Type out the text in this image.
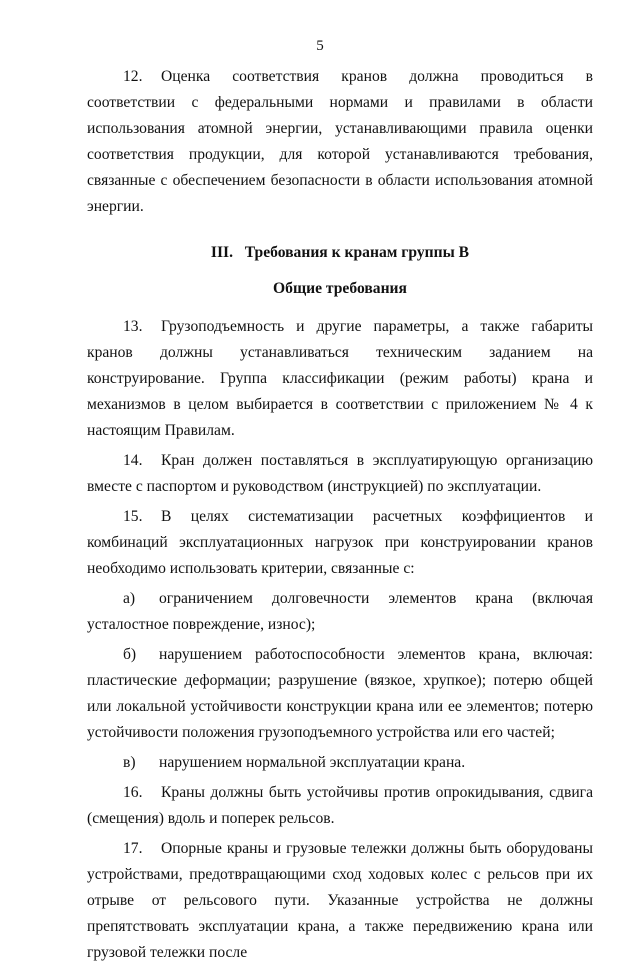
5

12. Оценка соответствия кранов должна проводиться в соответствии с федеральными нормами и правилами в области использования атомной энергии, устанавливающими правила оценки соответствия продукции, для которой устанавливаются требования, связанные с обеспечением безопасности в области использования атомной энергии.

III.   Требования к кранам группы В

Общие требования

13. Грузоподъемность и другие параметры, а также габариты кранов должны устанавливаться техническим заданием на конструирование. Группа классификации (режим работы) крана и механизмов в целом выбирается в соответствии с приложением № 4 к настоящим Правилам.

14. Кран должен поставляться в эксплуатирующую организацию вместе с паспортом и руководством (инструкцией) по эксплуатации.

15. В целях систематизации расчетных коэффициентов и комбинаций эксплуатационных нагрузок при конструировании кранов необходимо использовать критерии, связанные с:

а) ограничением долговечности элементов крана (включая усталостное повреждение, износ);

б) нарушением работоспособности элементов крана, включая: пластические деформации; разрушение (вязкое, хрупкое); потерю общей или локальной устойчивости конструкции крана или ее элементов; потерю устойчивости положения грузоподъемного устройства или его частей;

в) нарушением нормальной эксплуатации крана.

16. Краны должны быть устойчивы против опрокидывания, сдвига (смещения) вдоль и поперек рельсов.

17. Опорные краны и грузовые тележки должны быть оборудованы устройствами, предотвращающими сход ходовых колес с рельсов при их отрыве от рельсового пути. Указанные устройства не должны препятствовать эксплуатации крана, а также передвижению крана или грузовой тележки после
